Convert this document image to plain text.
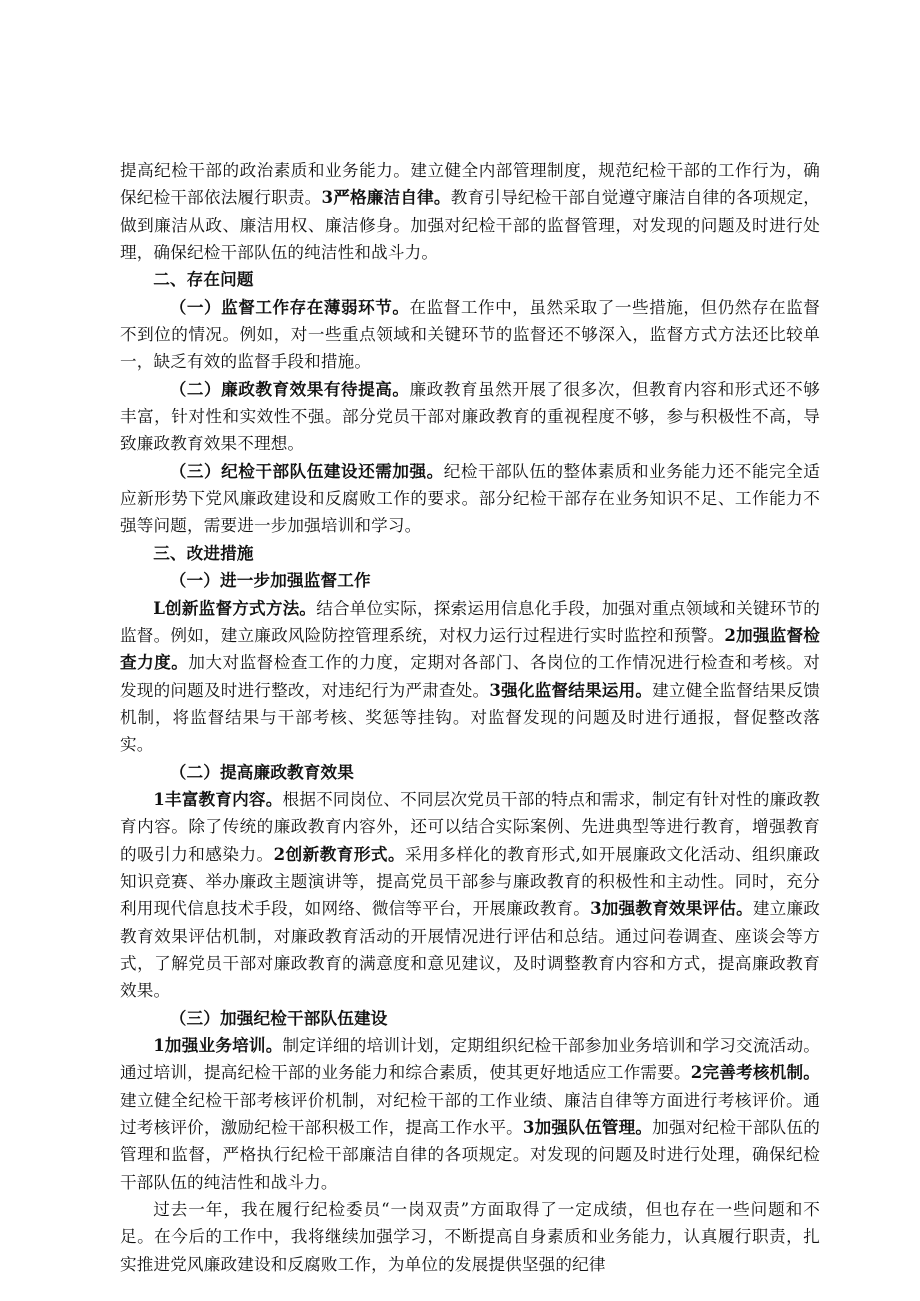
提高纪检干部的政治素质和业务能力。建立健全内部管理制度，规范纪检干部的工作行为，确保纪检干部依法履行职责。3严格廉洁自律。教育引导纪检干部自觉遵守廉洁自律的各项规定，做到廉洁从政、廉洁用权、廉洁修身。加强对纪检干部的监督管理，对发现的问题及时进行处理，确保纪检干部队伍的纯洁性和战斗力。

二、存在问题

（一）监督工作存在薄弱环节。在监督工作中，虽然采取了一些措施，但仍然存在监督不到位的情况。例如，对一些重点领域和关键环节的监督还不够深入，监督方式方法还比较单一，缺乏有效的监督手段和措施。

（二）廉政教育效果有待提高。廉政教育虽然开展了很多次，但教育内容和形式还不够丰富，针对性和实效性不强。部分党员干部对廉政教育的重视程度不够，参与积极性不高，导致廉政教育效果不理想。

（三）纪检干部队伍建设还需加强。纪检干部队伍的整体素质和业务能力还不能完全适应新形势下党风廉政建设和反腐败工作的要求。部分纪检干部存在业务知识不足、工作能力不强等问题，需要进一步加强培训和学习。

三、改进措施

（一）进一步加强监督工作

L创新监督方式方法。结合单位实际，探索运用信息化手段，加强对重点领域和关键环节的监督。例如，建立廉政风险防控管理系统，对权力运行过程进行实时监控和预警。2加强监督检查力度。加大对监督检查工作的力度，定期对各部门、各岗位的工作情况进行检查和考核。对发现的问题及时进行整改，对违纪行为严肃查处。3强化监督结果运用。建立健全监督结果反馈机制，将监督结果与干部考核、奖惩等挂钩。对监督发现的问题及时进行通报，督促整改落实。

（二）提高廉政教育效果

1丰富教育内容。根据不同岗位、不同层次党员干部的特点和需求，制定有针对性的廉政教育内容。除了传统的廉政教育内容外，还可以结合实际案例、先进典型等进行教育，增强教育的吸引力和感染力。2创新教育形式。采用多样化的教育形式,如开展廉政文化活动、组织廉政知识竞赛、举办廉政主题演讲等，提高党员干部参与廉政教育的积极性和主动性。同时，充分利用现代信息技术手段，如网络、微信等平台，开展廉政教育。3加强教育效果评估。建立廉政教育效果评估机制，对廉政教育活动的开展情况进行评估和总结。通过问卷调查、座谈会等方式，了解党员干部对廉政教育的满意度和意见建议，及时调整教育内容和方式，提高廉政教育效果。

（三）加强纪检干部队伍建设

1加强业务培训。制定详细的培训计划，定期组织纪检干部参加业务培训和学习交流活动。通过培训，提高纪检干部的业务能力和综合素质，使其更好地适应工作需要。2完善考核机制。建立健全纪检干部考核评价机制，对纪检干部的工作业绩、廉洁自律等方面进行考核评价。通过考核评价，激励纪检干部积极工作，提高工作水平。3加强队伍管理。加强对纪检干部队伍的管理和监督，严格执行纪检干部廉洁自律的各项规定。对发现的问题及时进行处理，确保纪检干部队伍的纯洁性和战斗力。

过去一年，我在履行纪检委员“一岗双责”方面取得了一定成绩，但也存在一些问题和不足。在今后的工作中，我将继续加强学习，不断提高自身素质和业务能力，认真履行职责，扎实推进党风廉政建设和反腐败工作，为单位的发展提供坚强的纪律
